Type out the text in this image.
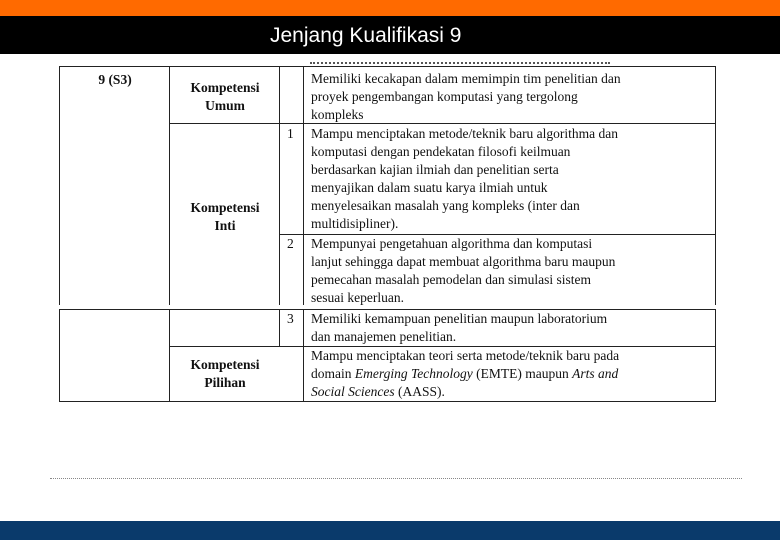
Jenjang Kualifikasi 9
9 (S3)
Kompetensi
Umum
Memiliki kecakapan dalam memimpin tim penelitian dan
proyek pengembangan komputasi yang tergolong
kompleks
Kompetensi
Inti
1 Mampu menciptakan metode/teknik baru algorithma dan
komputasi dengan pendekatan filosofi keilmuan
berdasarkan kajian ilmiah dan penelitian serta
menyajikan dalam suatu karya ilmiah untuk
menyelesaikan masalah yang kompleks (inter dan
multidisipliner).
2 Mempunyai pengetahuan algorithma dan komputasi
lanjut sehingga dapat membuat algorithma baru maupun
pemecahan masalah pemodelan dan simulasi sistem
sesuai keperluan.
3 Memiliki kemampuan penelitian maupun laboratorium
dan manajemen penelitian.
Kompetensi
Pilihan
Mampu menciptakan teori serta metode/teknik baru pada
domain Emerging Technology (EMTE) maupun Arts and
Social Sciences (AASS).
